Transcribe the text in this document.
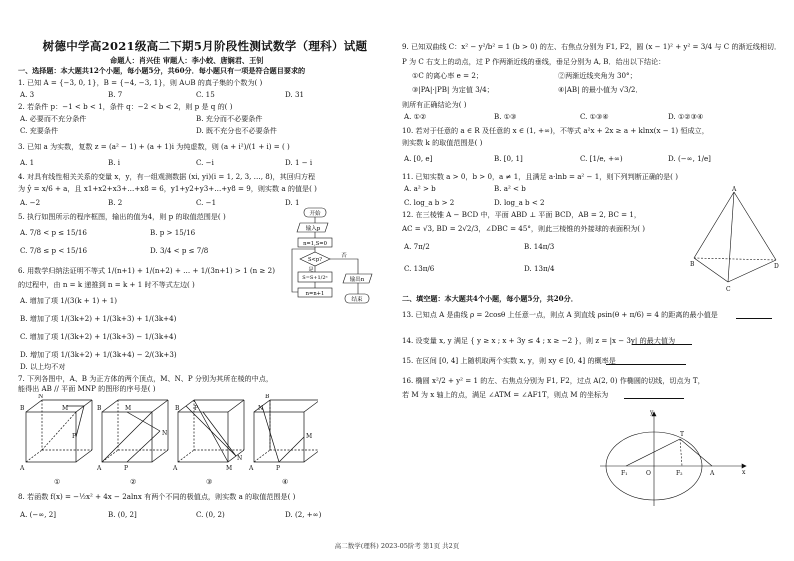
树德中学高2021级高二下期5月阶段性测试数学（理科）试题
命题人：肖兴佳 审题人：李小蛟、唐娴君、王钊
一、选择题：本大题共12个小题，每小题5分，共60分．每小题只有一项是符合题目要求的
1. 已知 A = {−3, 0, 1}，B = {−4, −3, 1}，则 A∪B 的真子集的个数为( )
A. 3	B. 7	C. 15	D. 31
2. 若条件 p：−1 < b < 1，条件 q：−2 < b < 2，则 p 是 q 的( )
A. 必要而不充分条件	B. 充分而不必要条件
C. 充要条件	D. 既不充分也不必要条件
3. 已知 a 为实数，复数 z = (a² − 1) + (a + 1)i 为纯虚数，则 (a + i²)/(1 + i) = ( )
A. 1	B. i	C. −i	D. 1 − i
4. 对具有线性相关关系的变量 x，y，有一组观测数据 (xi, yi)(i = 1, 2, 3, …, 8)，其回归方程
为 ŷ = x/6 + a，且 x1+x2+x3+…+x8 = 6，y1+y2+y3+…+y8 = 9，则实数 a 的值是( )
A. −2	B. 2	C. −1	D. 1
5. 执行如图所示的程序框图，输出的值为4，则 p 的取值范围是( )
A. 7/8 < p ≤ 15/16	B. p > 15/16
C. 7/8 ≤ p < 15/16	D. 3/4 < p ≤ 7/8
6. 用数学归纳法证明不等式 1/(n+1) + 1/(n+2) + … + 1/(3n+1) > 1 (n ≥ 2)
的过程中，由 n = k 递推到 n = k + 1 时不等式左边( )
A. 增加了项 1/(3(k + 1) + 1)
B. 增加了项 1/(3k+2) + 1/(3k+3) + 1/(3k+4)
C. 增加了项 1/(3k+2) + 1/(3k+3) − 1/(3k+4)
D. 增加了项 1/(3k+2) + 1/(3k+4) − 2/(3k+3)
D. 以上均不对
7. 下列各图中，A、B 为正方体的两个顶点，M、N、P 分别为其所在棱的中点，
能得出 AB // 平面 MNP 的图形的序号是( )
N
B	M
P
A
B	M
N
P
A
B P
N
M
A
B
N
M
P
A
①	②	③	④
8. 若函数 f(x) = −½x² + 4x − 2alnx 有两个不同的极值点，则实数 a 的取值范围是( )
A. (−∞, 2]	B. (0, 2]	C. (0, 2)	D. (2, +∞)
开始
输入p
n=1,S=0
S<p?
是
否
S=S+1/2ⁿ
n=n+1
输出n
结束
9. 已知双曲线 C：x² − y²/b² = 1 (b > 0) 的左、右焦点分别为 F1, F2，圆 (x − 1)² + y² = 3/4 与 C 的渐近线相切．
P 为 C 右支上的动点，过 P 作两渐近线的垂线，垂足分别为 A, B．给出以下结论：
①C 的离心率 e = 2；	②两渐近线夹角为 30°；
③|PA|·|PB| 为定值 3/4；	④|AB| 的最小值为 √3/2．
则所有正确结论为( )
A. ①②	B. ①③	C. ①③④	D. ①②③④
10. 若对于任意的 a ∈ R 及任意的 x ∈ (1, +∞)，不等式 a²x + 2x ≥ a + klnx(x − 1) 恒成立，
则实数 k 的取值范围是( )
A. [0, e]	B. [0, 1]	C. [1/e, +∞)	D. (−∞, 1/e]
11. 已知实数 a > 0，b > 0，a ≠ 1，且满足 a·lnb = a² − 1，则下列判断正确的是( )
A. a² > b	B. a² < b
C. log_a b > 2	D. log_a b < 2
12. 在三棱锥 A − BCD 中，平面 ABD ⊥ 平面 BCD，AB = 2, BC = 1，
AC = √3, BD = 2√2/3，∠DBC = 45°，则此三棱锥的外接球的表面积为( )
A. 7π/2	B. 14π/3
C. 13π/6	D. 13π/4
A
B
C
D
二、填空题：本大题共4个小题，每小题5分，共20分．
13. 已知点 A 是曲线 ρ = 2cosθ 上任意一点，则点 A 到直线 ρsin(θ + π/6) = 4 的距离的最小值是
14. 设变量 x, y 满足 { y ≥ x ; x + 3y ≤ 4 ; x ≥ −2 }，则 z = |x − 3y| 的最大值为
15. 在区间 [0, 4] 上随机取两个实数 x, y，则 xy ∈ [0, 4] 的概率是
16. 椭圆 x²/2 + y² = 1 的左、右焦点分别为 F1, F2，过点 A(2, 0) 作椭圆的切线，切点为 T，
若 M 为 x 轴上的点，满足 ∠ATM = ∠AF1T，则点 M 的坐标为
y
T
x
F₁	O	F₂	A
高二数学(理科) 2023-05阶考 第1页 共2页
